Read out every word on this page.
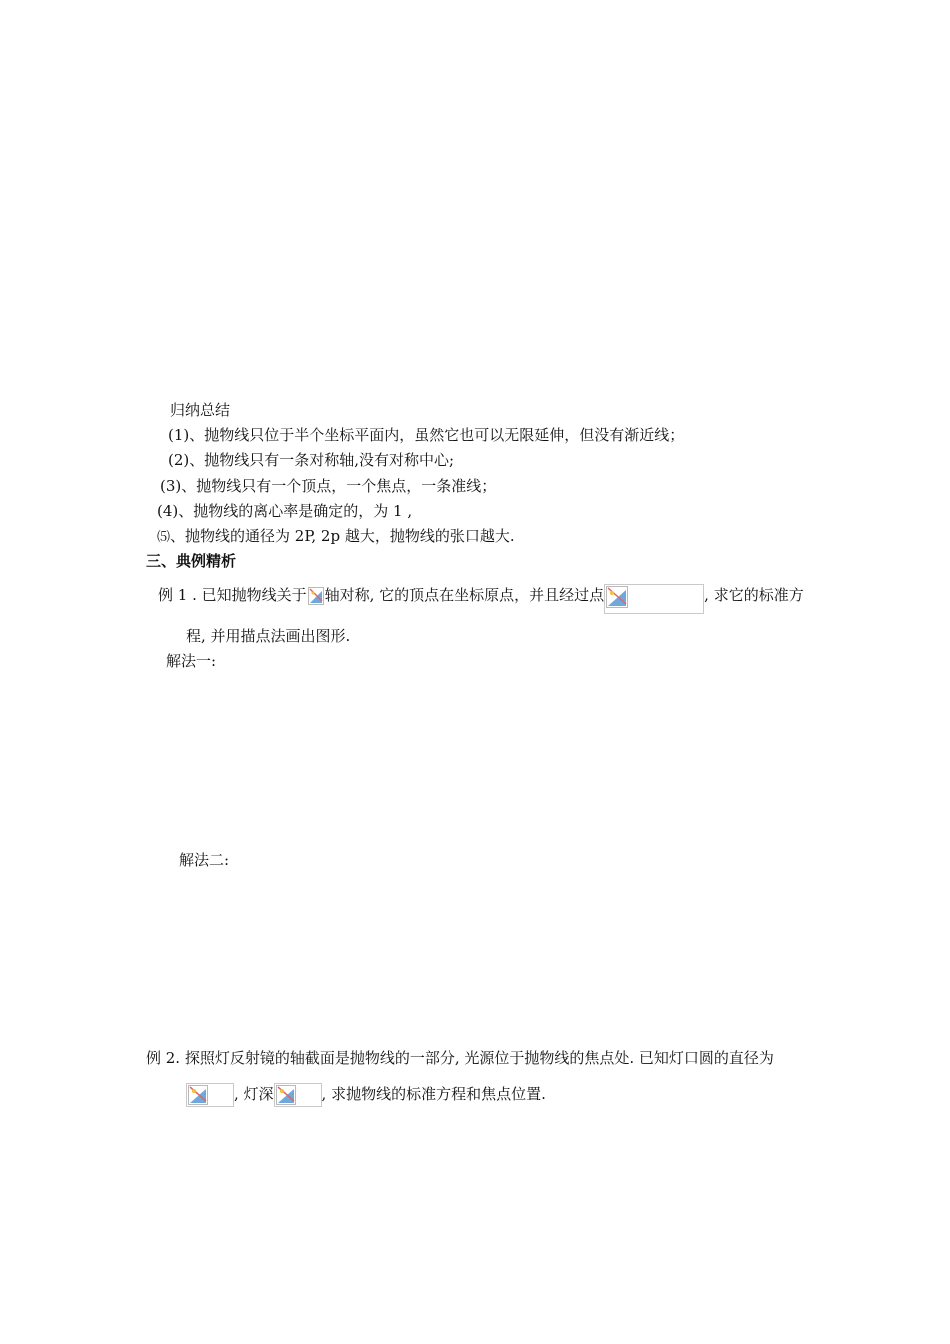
归纳总结
(1)、抛物线只位于半个坐标平面内，虽然它也可以无限延伸，但没有渐近线；
(2)、抛物线只有一条对称轴,没有对称中心;
(3)、抛物线只有一个顶点，一个焦点，一条准线；
(4)、抛物线的离心率是确定的，为 1 ,
⑸、抛物线的通径为 2P, 2p 越大，抛物线的张口越大.
三、典例精析
例 1 . 已知抛物线关于 轴对称, 它的顶点在坐标原点，并且经过点	, 求它的标准方
程, 并用描点法画出图形.
解法一:
解法二:
例 2. 探照灯反射镜的轴截面是抛物线的一部分, 光源位于抛物线的焦点处. 已知灯口圆的直径为
, 灯深	, 求抛物线的标准方程和焦点位置.
